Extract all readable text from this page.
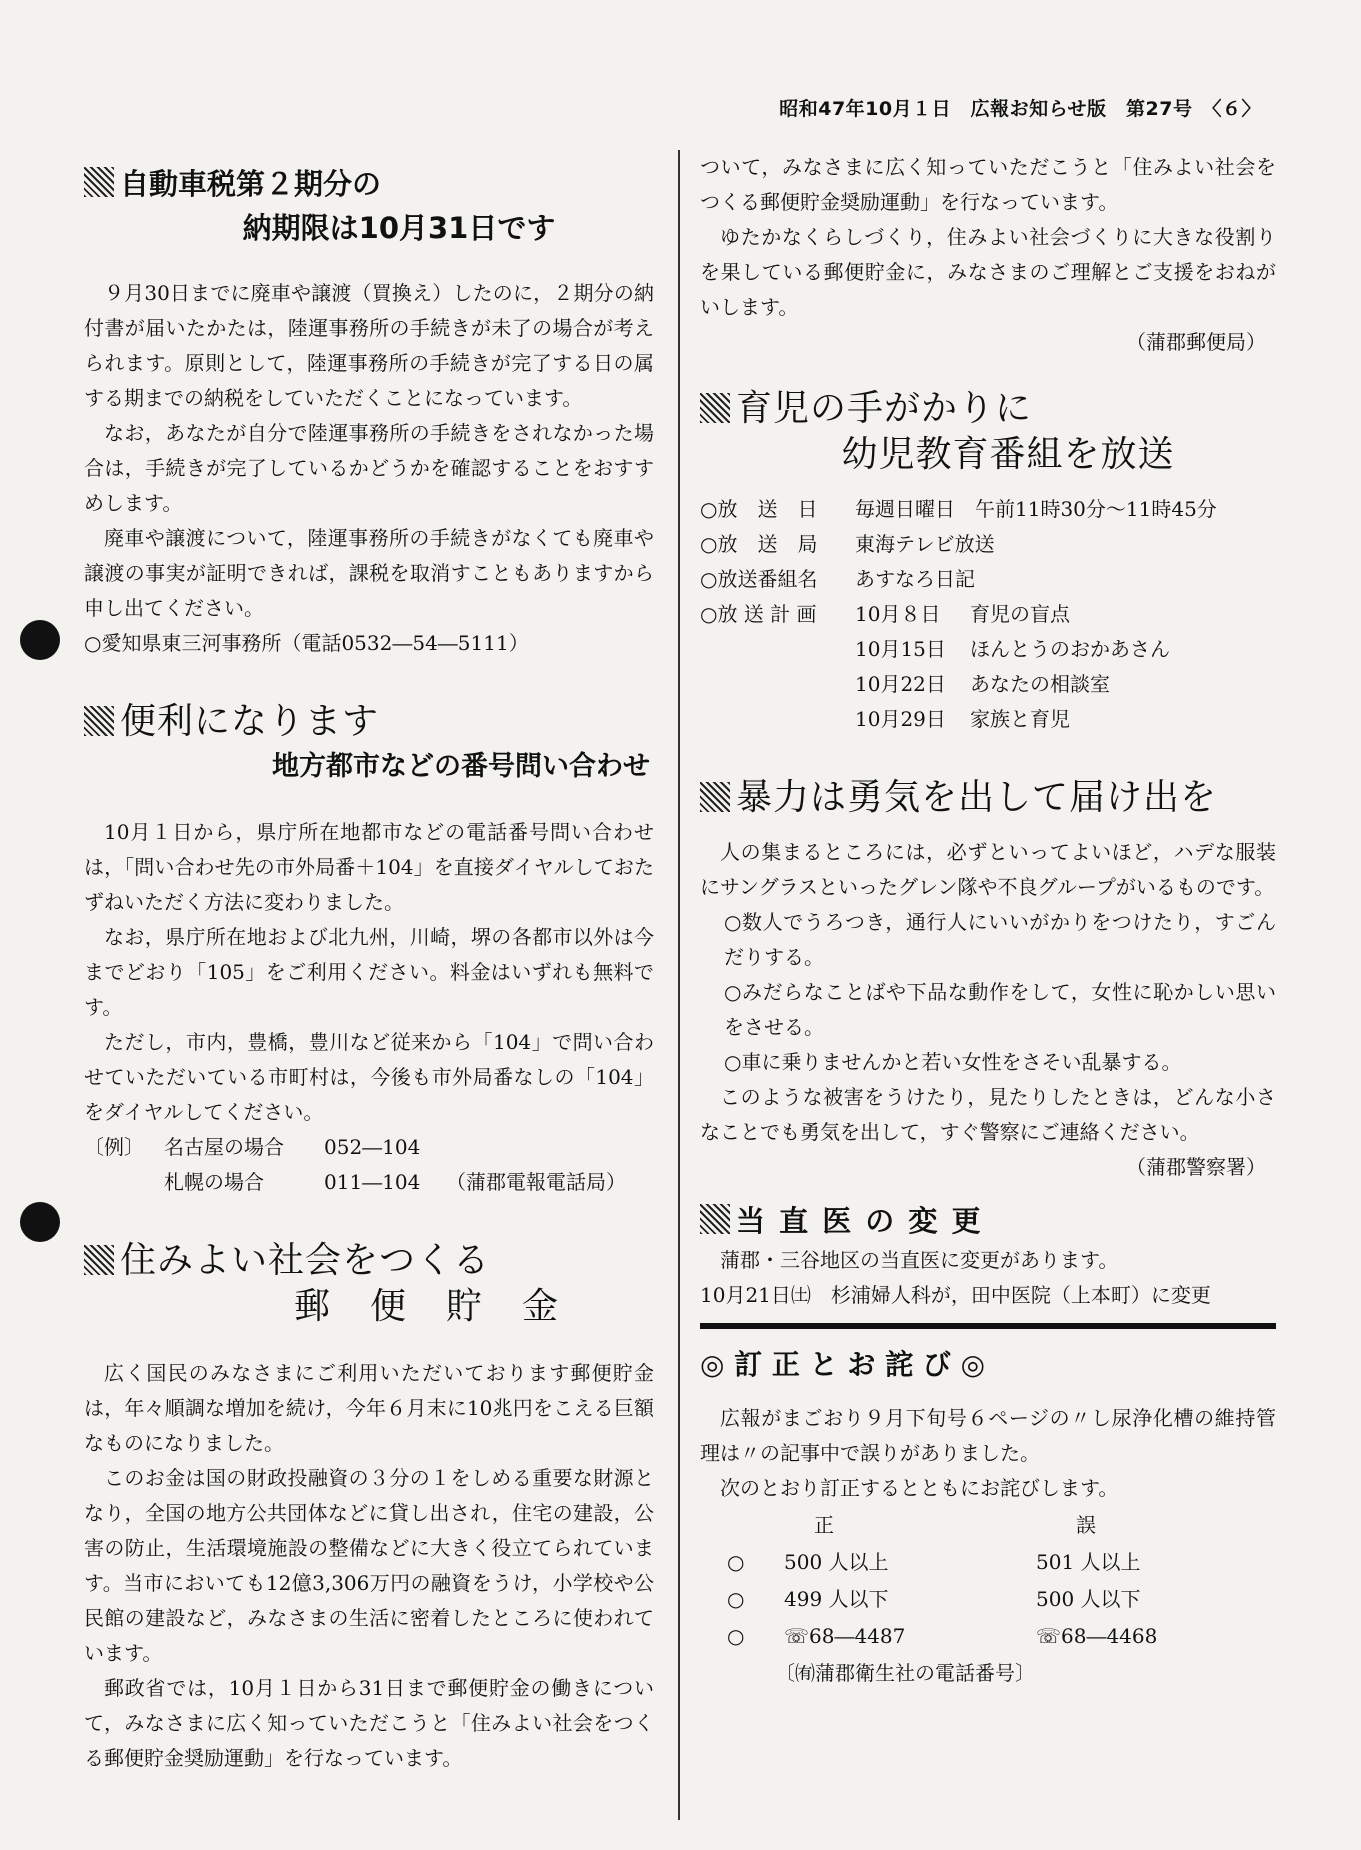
昭和47年10月１日　広報お知らせ版　第27号　〈６〉
自動車税第２期分の
納期限は10月31日です

９月30日までに廃車や譲渡（買換え）したのに，２期分の納付書が届いたかたは，陸運事務所の手続きが未了の場合が考えられます。原則として，陸運事務所の手続きが完了する日の属する期までの納税をしていただくことになっています。

なお，あなたが自分で陸運事務所の手続きをされなかった場合は，手続きが完了しているかどうかを確認することをおすすめします。

廃車や譲渡について，陸運事務所の手続きがなくても廃車や譲渡の事実が証明できれば，課税を取消すこともありますから申し出てください。

○愛知県東三河事務所（電話0532―54―5111）

便利になります
地方都市などの番号問い合わせ

10月１日から，県庁所在地都市などの電話番号問い合わせは，「問い合わせ先の市外局番＋104」を直接ダイヤルしておたずねいただく方法に変わりました。

なお，県庁所在地および北九州，川崎，堺の各都市以外は今までどおり「105」をご利用ください。料金はいずれも無料です。

ただし，市内，豊橋，豊川など従来から「104」で問い合わせていただいている市町村は，今後も市外局番なしの「104」をダイヤルしてください。

〔例〕	名古屋の場合	052―104	
	札幌の場合	011―104	（蒲郡電報電話局）
住みよい社会をつくる
郵　便　貯　金

広く国民のみなさまにご利用いただいております郵便貯金は，年々順調な増加を続け，今年６月末に10兆円をこえる巨額なものになりました。

このお金は国の財政投融資の３分の１をしめる重要な財源となり，全国の地方公共団体などに貸し出され，住宅の建設，公害の防止，生活環境施設の整備などに大きく役立てられています。当市においても12億3,306万円の融資をうけ，小学校や公民館の建設など，みなさまの生活に密着したところに使われています。

郵政省では，10月１日から31日まで郵便貯金の働きについて，みなさまに広く知っていただこうと「住みよい社会をつくる郵便貯金奨励運動」を行なっています。

ついて，みなさまに広く知っていただこうと「住みよい社会をつくる郵便貯金奨励運動」を行なっています。

ゆたかなくらしづくり，住みよい社会づくりに大きな役割りを果している郵便貯金に，みなさまのご理解とご支援をおねがいします。

（蒲郡郵便局）
育児の手がかりに
幼児教育番組を放送
○放　送　日	毎週日曜日　午前11時30分～11時45分	
○放　送　局	東海テレビ放送	
○放送番組名	あすなろ日記	
○放 送 計 画	10月８日	育児の盲点
	10月15日	ほんとうのおかあさん
	10月22日	あなたの相談室
	10月29日	家族と育児
暴力は勇気を出して届け出を

人の集まるところには，必ずといってよいほど，ハデな服装にサングラスといったグレン隊や不良グループがいるものです。

○数人でうろつき，通行人にいいがかりをつけたり，すごんだりする。

○みだらなことばや下品な動作をして，女性に恥かしい思いをさせる。

○車に乗りませんかと若い女性をさそい乱暴する。

このような被害をうけたり，見たりしたときは，どんな小さなことでも勇気を出して，すぐ警察にご連絡ください。

（蒲郡警察署）
当 直 医 の 変 更

蒲郡・三谷地区の当直医に変更があります。

10月21日㈯　杉浦婦人科が，田中医院（上本町）に変更

◎ 訂 正 と お 詫 び ◎

広報がまごおり９月下旬号６ページの〃し尿浄化槽の維持管理は〃の記事中で誤りがありました。

次のとおり訂正するとともにお詫びします。

	正	誤
○	500 人以上	501 人以上
○	499 人以下	500 人以下
○	☏68―4487	☏68―4468
〔㈲蒲郡衛生社の電話番号〕
